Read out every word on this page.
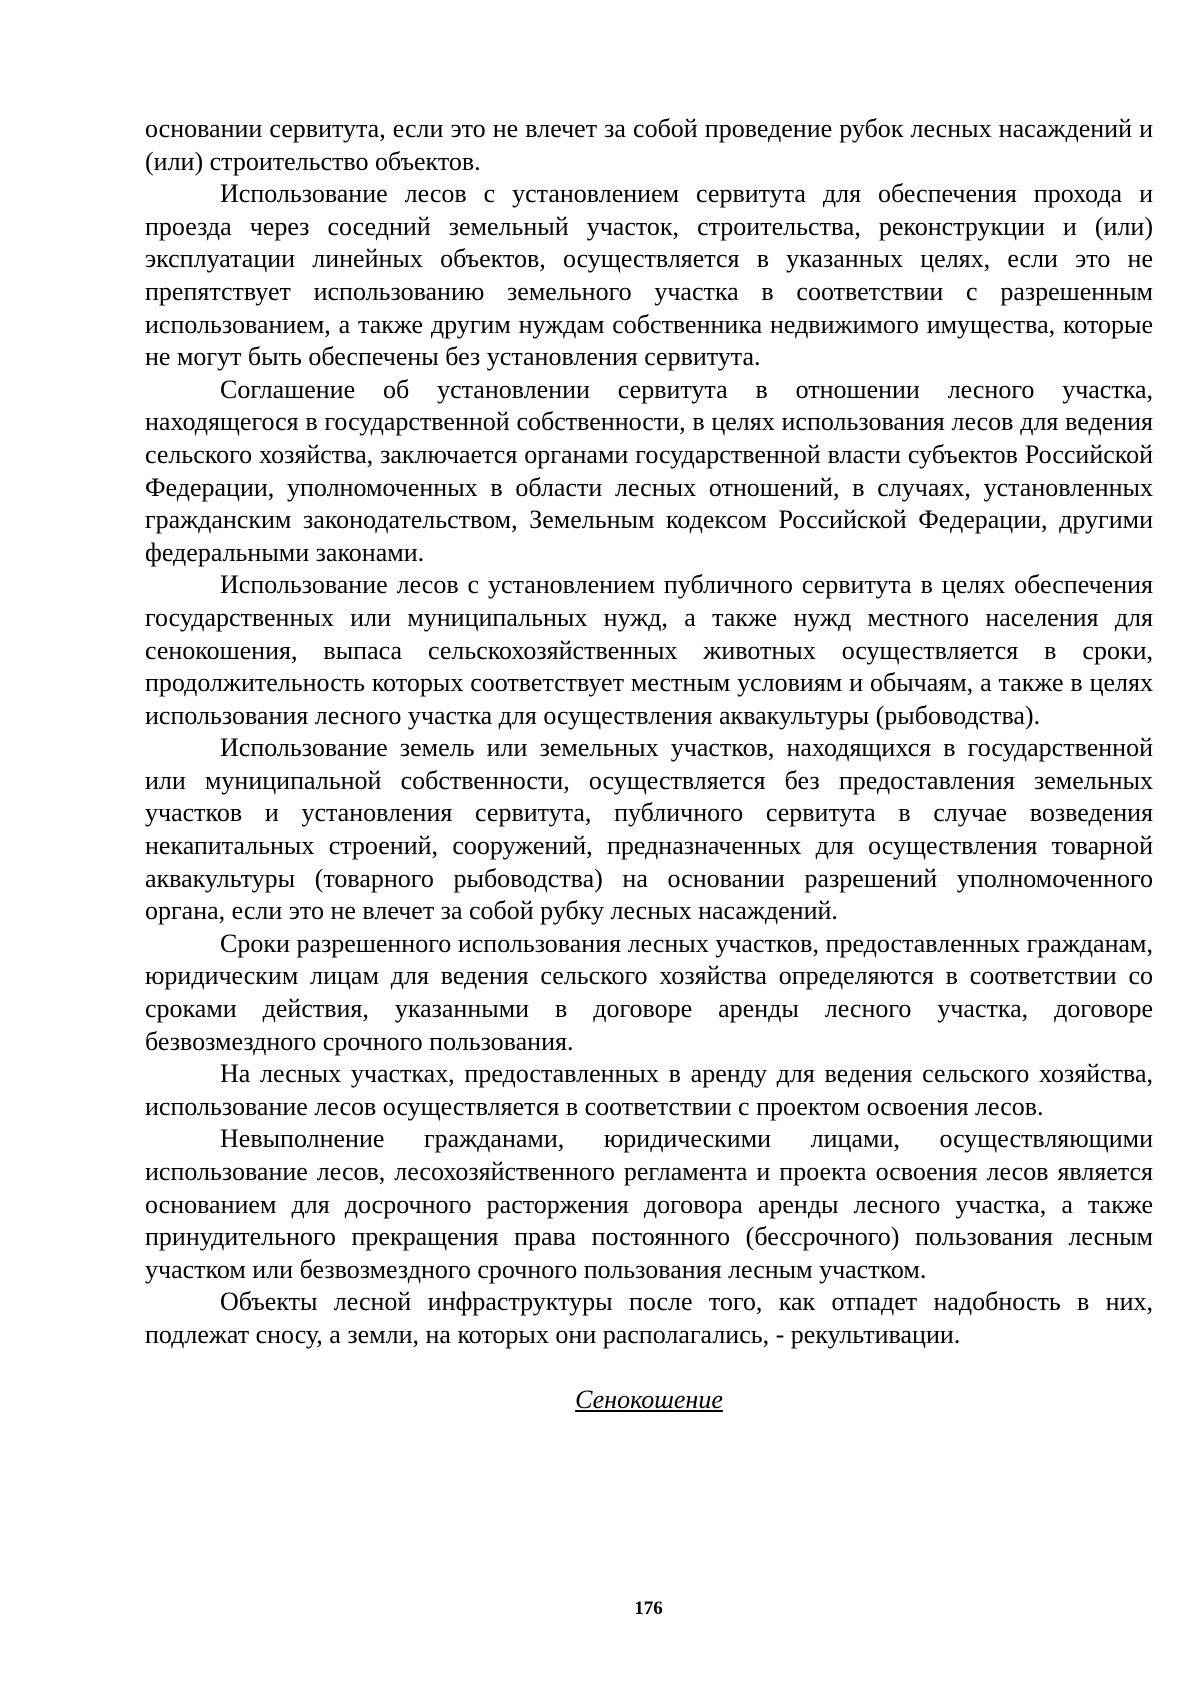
основании сервитута, если это не влечет за собой проведение рубок лесных насаждений и (или) строительство объектов.

Использование лесов с установлением сервитута для обеспечения прохода и проезда через соседний земельный участок, строительства, реконструкции и (или) эксплуатации линейных объектов, осуществляется в указанных целях, если это не препятствует использованию земельного участка в соответствии с разрешенным использованием, а также другим нуждам собственника недвижимого имущества, которые не могут быть обеспечены без установления сервитута.

Соглашение об установлении сервитута в отношении лесного участка, находящегося в государственной собственности, в целях использования лесов для ведения сельского хозяйства, заключается органами государственной власти субъектов Российской Федерации, уполномоченных в области лесных отношений, в случаях, установленных гражданским законодательством, Земельным кодексом Российской Федерации, другими федеральными законами.

Использование лесов с установлением публичного сервитута в целях обеспечения государственных или муниципальных нужд, а также нужд местного населения для сенокошения, выпаса сельскохозяйственных животных осуществляется в сроки, продолжительность которых соответствует местным условиям и обычаям, а также в целях использования лесного участка для осуществления аквакультуры (рыбоводства).

Использование земель или земельных участков, находящихся в государственной или муниципальной собственности, осуществляется без предоставления земельных участков и установления сервитута, публичного сервитута в случае возведения некапитальных строений, сооружений, предназначенных для осуществления товарной аквакультуры (товарного рыбоводства) на основании разрешений уполномоченного органа, если это не влечет за собой рубку лесных насаждений.

Сроки разрешенного использования лесных участков, предоставленных гражданам, юридическим лицам для ведения сельского хозяйства определяются в соответствии со сроками действия, указанными в договоре аренды лесного участка, договоре безвозмездного срочного пользования.

На лесных участках, предоставленных в аренду для ведения сельского хозяйства, использование лесов осуществляется в соответствии с проектом освоения лесов.

Невыполнение гражданами, юридическими лицами, осуществляющими использование лесов, лесохозяйственного регламента и проекта освоения лесов является основанием для досрочного расторжения договора аренды лесного участка, а также принудительного прекращения права постоянного (бессрочного) пользования лесным участком или безвозмездного срочного пользования лесным участком.

Объекты лесной инфраструктуры после того, как отпадет надобность в них, подлежат сносу, а земли, на которых они располагались, - рекультивации.

Сенокошение

176
